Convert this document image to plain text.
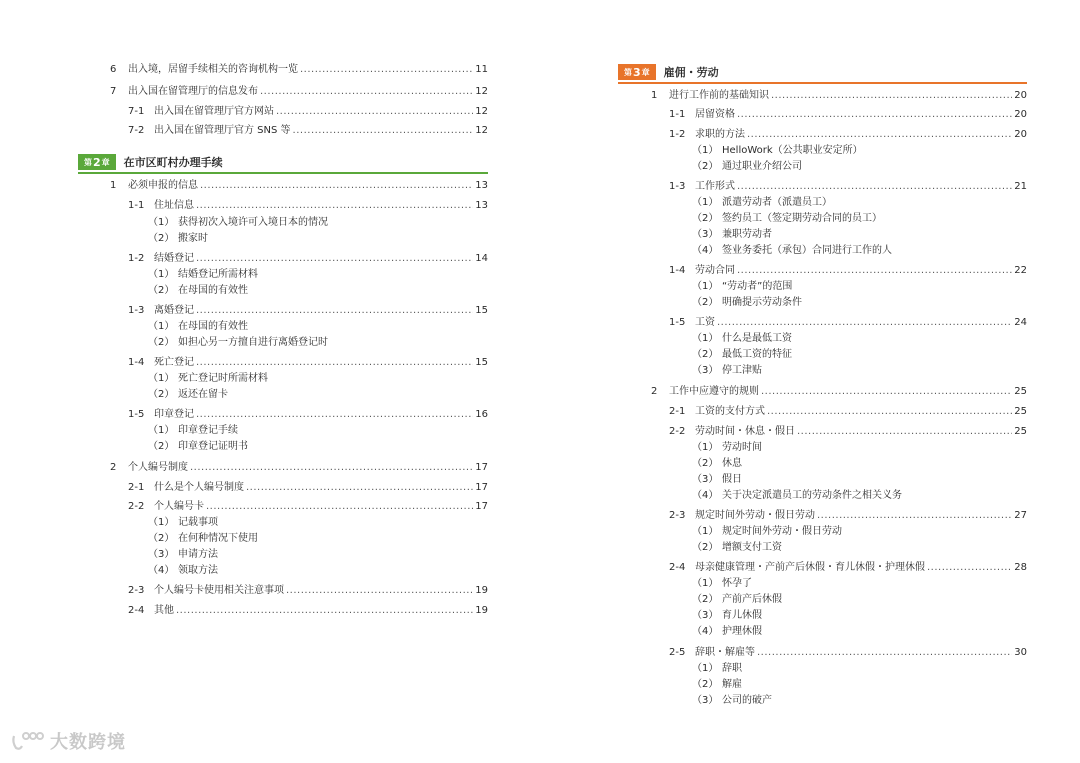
6	出入境，居留手续相关的咨询机构一览 .....	11
7	出入国在留管理厅的信息发布 .....	12
7-1 出入国在留管理厅官方网站 .....	12
7-2 出入国在留管理厅官方 SNS 等 .....	12
第 2 章 在市区町村办理手续
1	必须申报的信息 .....	13
1-1 住址信息 .....	13
（1） 获得初次入境许可入境日本的情况
（2） 搬家时
1-2 结婚登记 .....	14
（1） 结婚登记所需材料
（2） 在母国的有效性
1-3 离婚登记 .....	15
（1） 在母国的有效性
（2） 如担心另一方擅自进行离婚登记时
1-4 死亡登记 .....	15
（1） 死亡登记时所需材料
（2） 返还在留卡
1-5 印章登记 .....	16
（1） 印章登记手续
（2） 印章登记证明书
2	个人编号制度 .....	17
2-1 什么是个人编号制度 .....	17
2-2 个人编号卡 .....	17
（1） 记载事项
（2） 在何种情况下使用
（3） 申请方法
（4） 领取方法
2-3 个人编号卡使用相关注意事项 .....	19
2-4 其他 .....	19
第 3 章 雇佣・劳动
1	进行工作前的基础知识 .....	20
1-1 居留资格 .....	20
1-2 求职的方法 .....	20
（1） HelloWork（公共职业安定所）
（2） 通过职业介绍公司
1-3 工作形式 .....	21
（1） 派遣劳动者（派遣员工）
（2） 签约员工（签定期劳动合同的员工）
（3） 兼职劳动者
（4） 签业务委托（承包）合同进行工作的人
1-4 劳动合同 .....	22
（1） “劳动者”的范围
（2） 明确提示劳动条件
1-5 工资 .....	24
（1） 什么是最低工资
（2） 最低工资的特征
（3） 停工津贴
2	工作中应遵守的规则 .....	25
2-1 工资的支付方式 .....	25
2-2 劳动时间・休息・假日 .....	25
（1） 劳动时间
（2） 休息
（3） 假日
（4） 关于决定派遣员工的劳动条件之相关义务
2-3 规定时间外劳动・假日劳动 .....	27
（1） 规定时间外劳动・假日劳动
（2） 增额支付工资
2-4 母亲健康管理・产前产后休假・育儿休假・护理休假 .....	28
（1） 怀孕了
（2） 产前产后休假
（3） 育儿休假
（4） 护理休假
2-5 辞职・解雇等 .....	30
（1） 辞职
（2） 解雇
（3） 公司的破产
大数跨境
